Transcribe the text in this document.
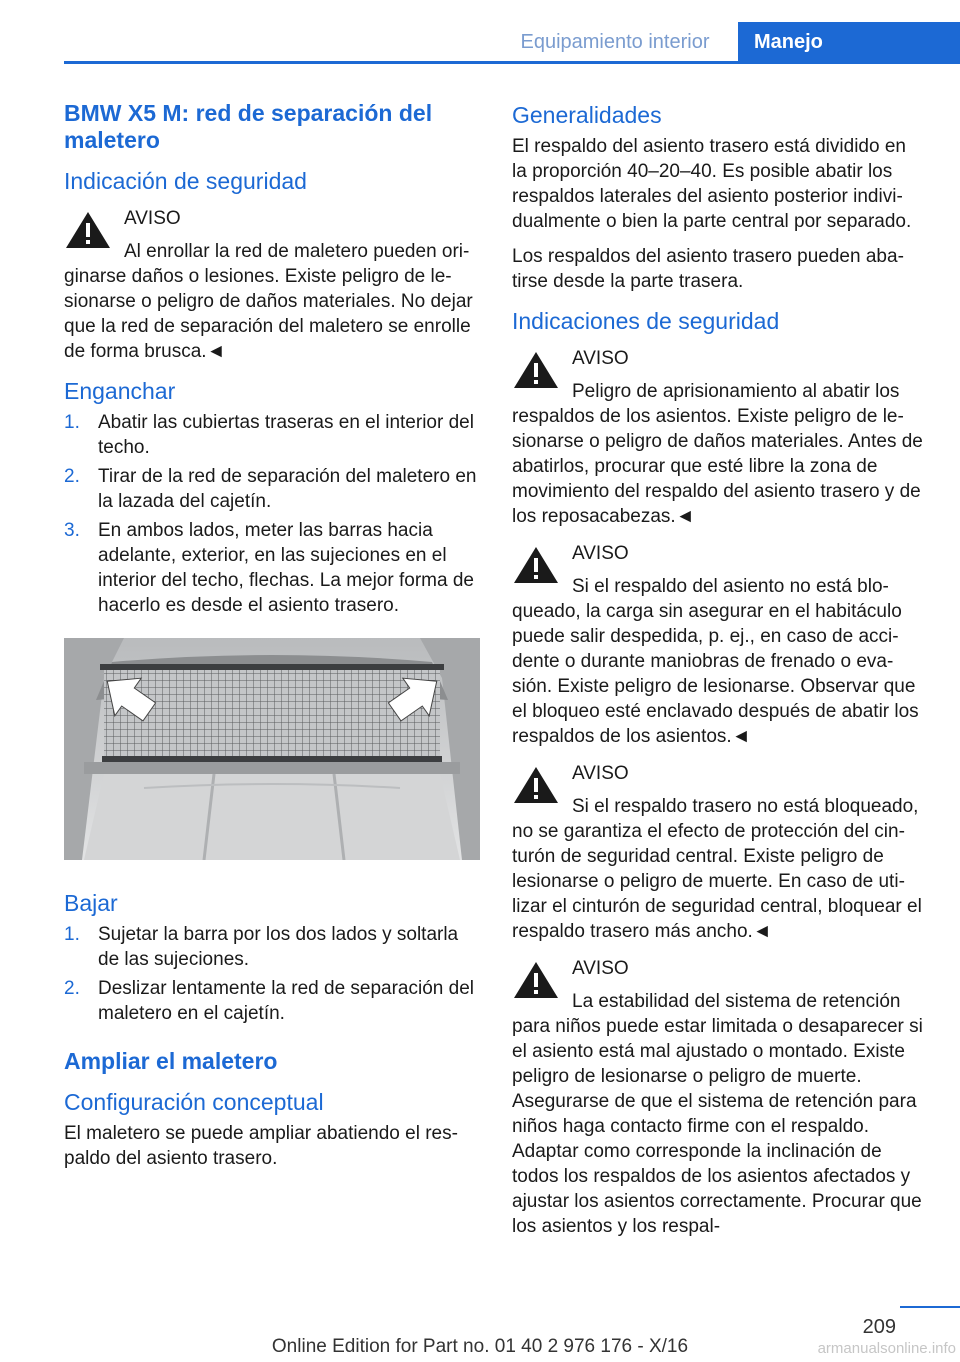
Equipamiento interior	Manejo
BMW X5 M: red de separación del maletero
Indicación de seguridad
AVISO
Al enrollar la red de maletero pueden originarse daños o lesiones. Existe peligro de lesionarse o peligro de daños materiales. No dejar que la red de separación del maletero se enrolle de forma brusca.◄
Enganchar
1. Abatir las cubiertas traseras en el interior del techo.
2. Tirar de la red de separación del maletero en la lazada del cajetín.
3. En ambos lados, meter las barras hacia adelante, exterior, en las sujeciones en el interior del techo, flechas. La mejor forma de hacerlo es desde el asiento trasero.
Bajar
1. Sujetar la barra por los dos lados y soltarla de las sujeciones.
2. Deslizar lentamente la red de separación del maletero en el cajetín.
Ampliar el maletero
Configuración conceptual

El maletero se puede ampliar abatiendo el respaldo del asiento trasero.

Generalidades

El respaldo del asiento trasero está dividido en la proporción 40–20–40. Es posible abatir los respaldos laterales del asiento posterior individualmente o bien la parte central por separado.

Los respaldos del asiento trasero pueden abatirse desde la parte trasera.

Indicaciones de seguridad
AVISO
Peligro de aprisionamiento al abatir los respaldos de los asientos. Existe peligro de lesionarse o peligro de daños materiales. Antes de abatirlos, procurar que esté libre la zona de movimiento del respaldo del asiento trasero y de los reposacabezas.◄
AVISO
Si el respaldo del asiento no está bloqueado, la carga sin asegurar en el habitáculo puede salir despedida, p. ej., en caso de accidente o durante maniobras de frenado o evasión. Existe peligro de lesionarse. Observar que el bloqueo esté enclavado después de abatir los respaldos de los asientos.◄
AVISO
Si el respaldo trasero no está bloqueado, no se garantiza el efecto de protección del cinturón de seguridad central. Existe peligro de lesionarse o peligro de muerte. En caso de utilizar el cinturón de seguridad central, bloquear el respaldo trasero más ancho.◄
AVISO
La estabilidad del sistema de retención para niños puede estar limitada o desaparecer si el asiento está mal ajustado o montado. Existe peligro de lesionarse o peligro de muerte. Asegurarse de que el sistema de retención para niños haga contacto firme con el respaldo. Adaptar como corresponde la inclinación de todos los respaldos de los asientos afectados y ajustar los asientos correctamente. Procurar que los asientos y los respal-
209
Online Edition for Part no. 01 40 2 976 176 - X/16	armanualsonline.info
